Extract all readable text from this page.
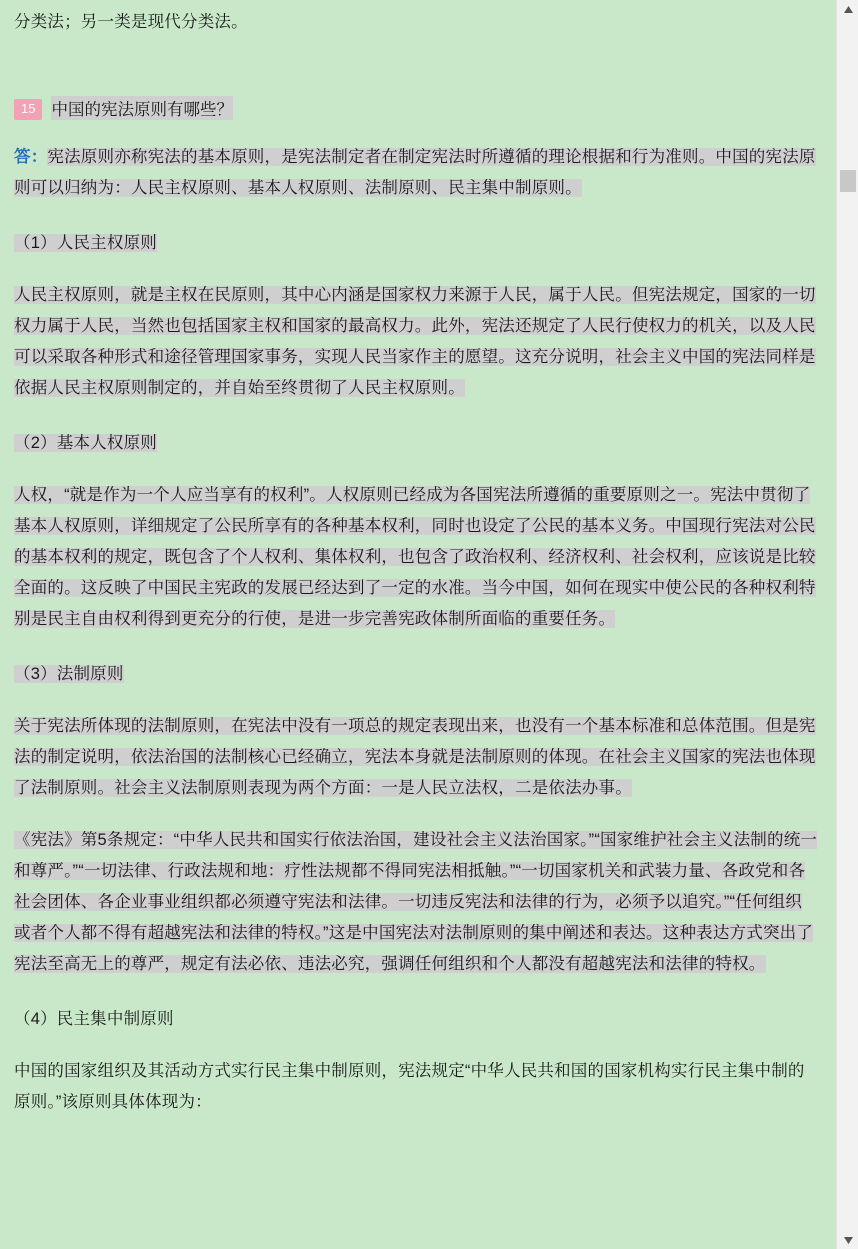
分类法；另一类是现代分类法。

15 中国的宪法原则有哪些？

答：宪法原则亦称宪法的基本原则，是宪法制定者在制定宪法时所遵循的理论根据和行为准则。中国的宪法原则可以归纳为：人民主权原则、基本人权原则、法制原则、民主集中制原则。

（1）人民主权原则

人民主权原则，就是主权在民原则，其中心内涵是国家权力来源于人民，属于人民。但宪法规定，国家的一切权力属于人民，当然也包括国家主权和国家的最高权力。此外，宪法还规定了人民行使权力的机关，以及人民可以采取各种形式和途径管理国家事务，实现人民当家作主的愿望。这充分说明，社会主义中国的宪法同样是依据人民主权原则制定的，并自始至终贯彻了人民主权原则。

（2）基本人权原则

人权，“就是作为一个人应当享有的权利”。人权原则已经成为各国宪法所遵循的重要原则之一。宪法中贯彻了基本人权原则，详细规定了公民所享有的各种基本权利，同时也设定了公民的基本义务。中国现行宪法对公民的基本权利的规定，既包含了个人权利、集体权利，也包含了政治权利、经济权利、社会权利，应该说是比较全面的。这反映了中国民主宪政的发展已经达到了一定的水准。当今中国，如何在现实中使公民的各种权利特别是民主自由权利得到更充分的行使，是进一步完善宪政体制所面临的重要任务。

（3）法制原则

关于宪法所体现的法制原则，在宪法中没有一项总的规定表现出来，也没有一个基本标准和总体范围。但是宪法的制定说明，依法治国的法制核心已经确立，宪法本身就是法制原则的体现。在社会主义国家的宪法也体现了法制原则。社会主义法制原则表现为两个方面：一是人民立法权，二是依法办事。

《宪法》第5条规定：“中华人民共和国实行依法治国，建设社会主义法治国家。”“国家维护社会主义法制的统一和尊严。”“一切法律、行政法规和地：疗性法规都不得同宪法相抵触。”“一切国家机关和武装力量、各政党和各社会团体、各企业事业组织都必须遵守宪法和法律。一切违反宪法和法律的行为，必须予以追究。”“任何组织或者个人都不得有超越宪法和法律的特权。”这是中国宪法对法制原则的集中阐述和表达。这种表达方式突出了宪法至高无上的尊严，规定有法必依、违法必究，强调任何组织和个人都没有超越宪法和法律的特权。

（4）民主集中制原则

中国的国家组织及其活动方式实行民主集中制原则，宪法规定“中华人民共和国的国家机构实行民主集中制的原则。”该原则具体体现为：
